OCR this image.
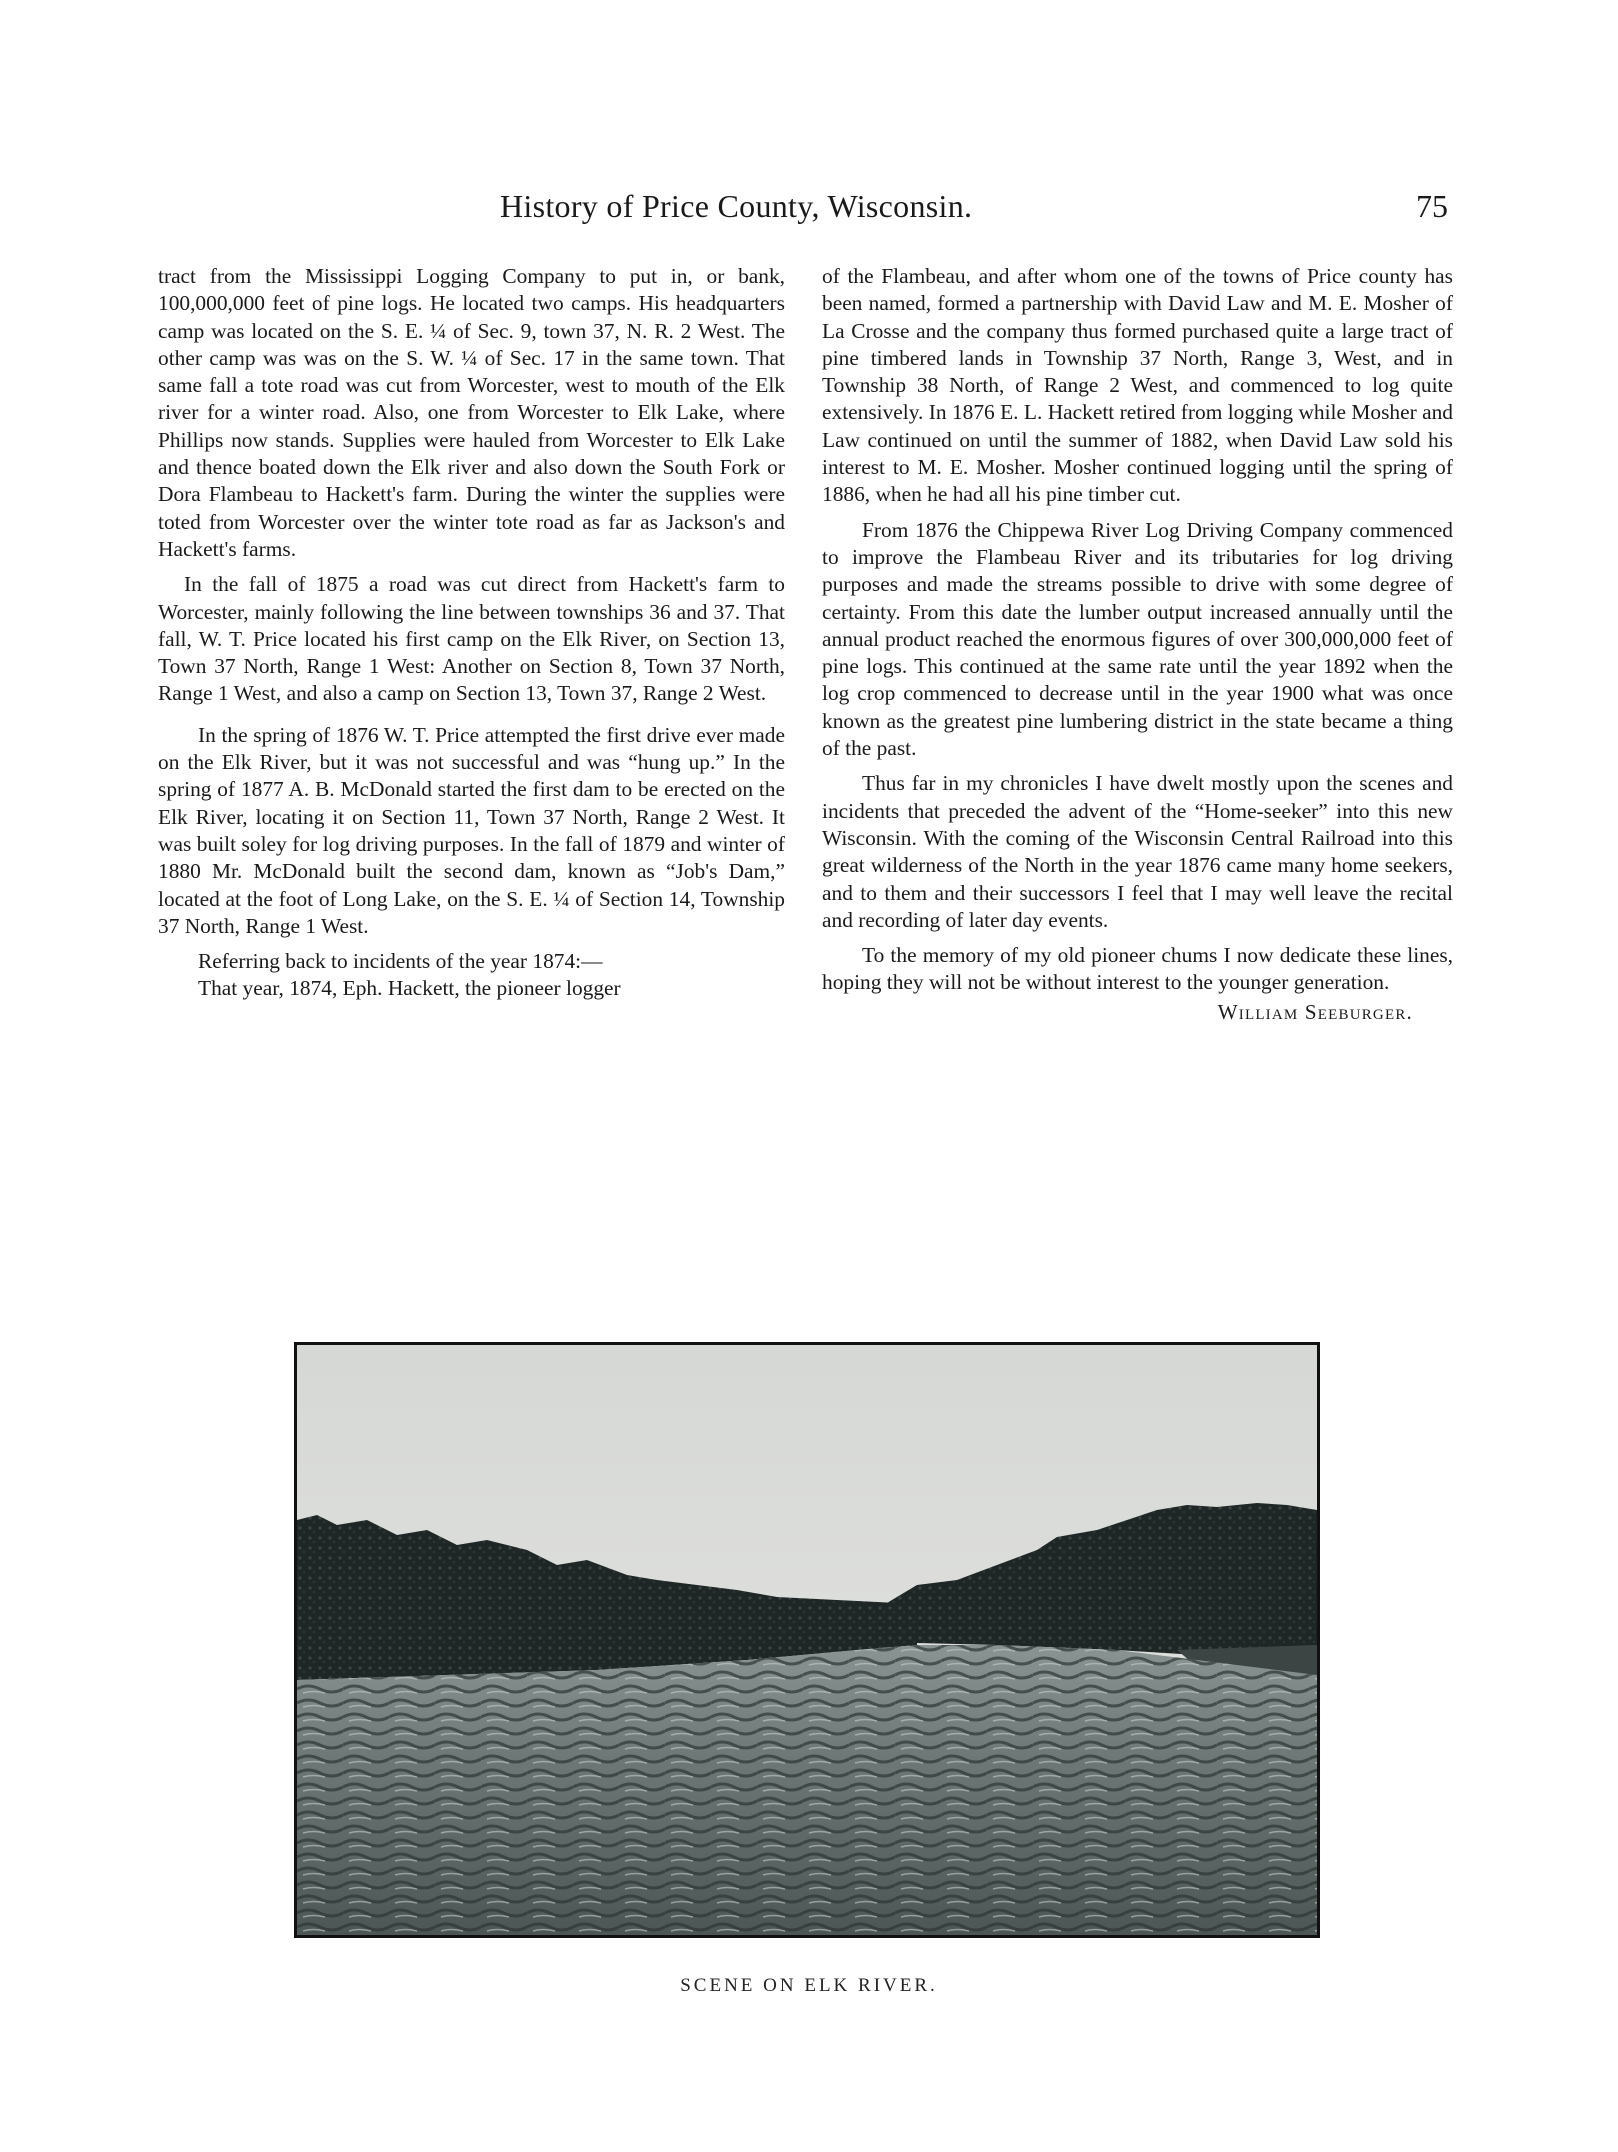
History of Price County, Wisconsin.	75

tract from the Mississippi Logging Company to put in, or bank, 100,000,000 feet of pine logs. He located two camps. His headquarters camp was located on the S. E. ¼ of Sec. 9, town 37, N. R. 2 West. The other camp was was on the S. W. ¼ of Sec. 17 in the same town. That same fall a tote road was cut from Worcester, west to mouth of the Elk river for a winter road. Also, one from Worcester to Elk Lake, where Phillips now stands. Supplies were hauled from Worcester to Elk Lake and thence boated down the Elk river and also down the South Fork or Dora Flambeau to Hackett's farm. During the winter the supplies were toted from Worcester over the winter tote road as far as Jackson's and Hackett's farms.

In the fall of 1875 a road was cut direct from Hackett's farm to Worcester, mainly following the line between townships 36 and 37. That fall, W. T. Price located his first camp on the Elk River, on Section 13, Town 37 North, Range 1 West: Another on Section 8, Town 37 North, Range 1 West, and also a camp on Section 13, Town 37, Range 2 West.

In the spring of 1876 W. T. Price attempted the first drive ever made on the Elk River, but it was not successful and was “hung up.” In the spring of 1877 A. B. McDonald started the first dam to be erected on the Elk River, locating it on Section 11, Town 37 North, Range 2 West. It was built soley for log driving purposes. In the fall of 1879 and winter of 1880 Mr. McDonald built the second dam, known as “Job's Dam,” located at the foot of Long Lake, on the S. E. ¼ of Section 14, Township 37 North, Range 1 West.

Referring back to incidents of the year 1874:—

That year, 1874, Eph. Hackett, the pioneer logger

of the Flambeau, and after whom one of the towns of Price county has been named, formed a partnership with David Law and M. E. Mosher of La Crosse and the company thus formed purchased quite a large tract of pine timbered lands in Township 37 North, Range 3, West, and in Township 38 North, of Range 2 West, and commenced to log quite extensively. In 1876 E. L. Hackett retired from logging while Mosher and Law continued on until the summer of 1882, when David Law sold his interest to M. E. Mosher. Mosher continued logging until the spring of 1886, when he had all his pine timber cut.

From 1876 the Chippewa River Log Driving Company commenced to improve the Flambeau River and its tributaries for log driving purposes and made the streams possible to drive with some degree of certainty. From this date the lumber output increased annually until the annual product reached the enormous figures of over 300,000,000 feet of pine logs. This continued at the same rate until the year 1892 when the log crop commenced to decrease until in the year 1900 what was once known as the greatest pine lumbering district in the state became a thing of the past.

Thus far in my chronicles I have dwelt mostly upon the scenes and incidents that preceded the advent of the “Home-seeker” into this new Wisconsin. With the coming of the Wisconsin Central Railroad into this great wilderness of the North in the year 1876 came many home seekers, and to them and their successors I feel that I may well leave the recital and recording of later day events.

To the memory of my old pioneer chums I now dedicate these lines, hoping they will not be without interest to the younger generation.

William Seeburger.
SCENE ON ELK RIVER.
